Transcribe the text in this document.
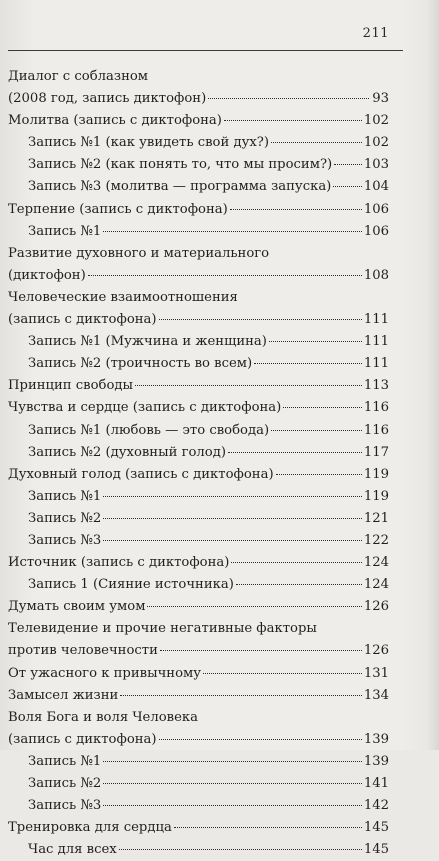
211
Диалог с соблазном
(2008 год, запись диктофон)	93
Молитва (запись с диктофона)	102
Запись №1 (как увидеть свой дух?)	102
Запись №2 (как понять то, что мы просим?) 103
Запись №3 (молитва — программа запуска) 104
Терпение (запись с диктофона)	106
Запись №1	106
Развитие духовного и материального
(диктофон)	108
Человеческие взаимоотношения
(запись с диктофона)	111
Запись №1 (Мужчина и женщина)	111
Запись №2 (троичность во всем)	111
Принцип свободы	113
Чувства и сердце (запись с диктофона)	116
Запись №1 (любовь — это свобода)	116
Запись №2 (духовный голод)	117
Духовный голод (запись с диктофона)	119
Запись №1	119
Запись №2	121
Запись №3	122
Источник (запись с диктофона)	124
Запись 1 (Сияние источника)	124
Думать своим умом	126
Телевидение и прочие негативные факторы
против человечности	126
От ужасного к привычному	131
Замысел жизни	134
Воля Бога и воля Человека
(запись с диктофона)	139
Запись №1	139
Запись №2	141
Запись №3	142
Тренировка для сердца	145
Час для всех	145
